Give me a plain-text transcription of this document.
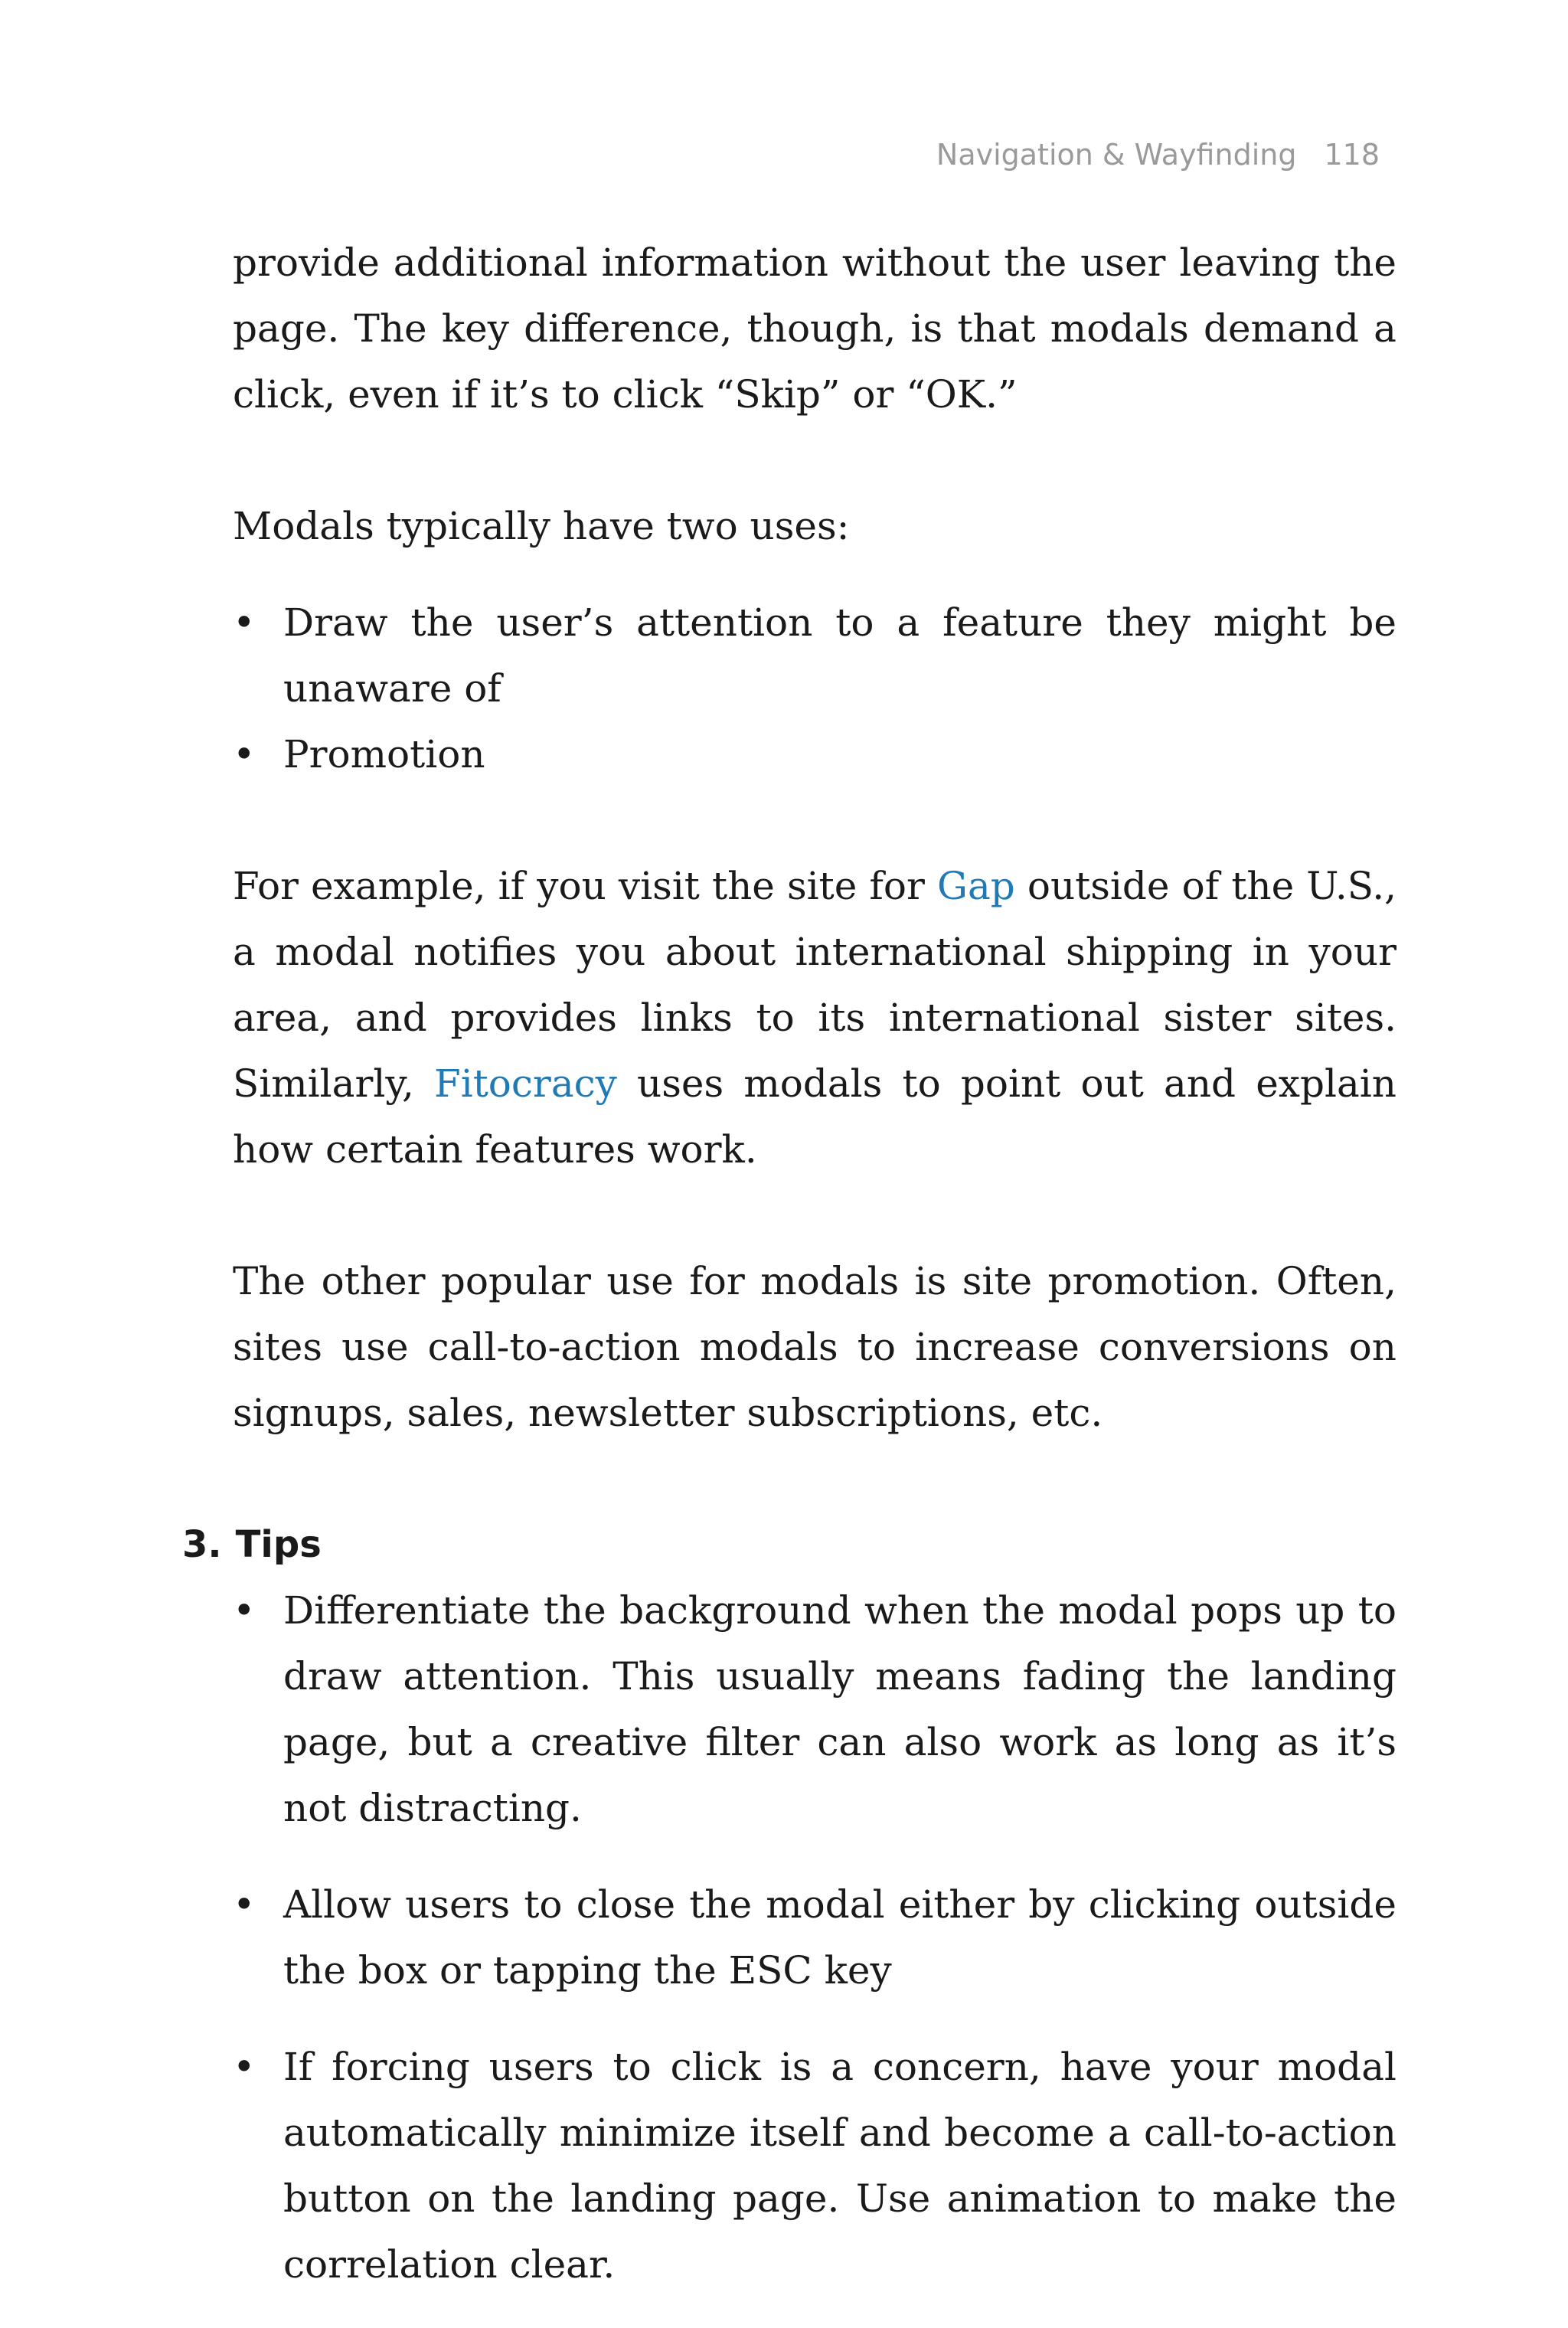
Navigation & Wayfinding 118

provide additional information without the user leaving the page. The key difference, though, is that modals demand a click, even if it’s to click “Skip” or “OK.”

Modals typically have two uses:

• Draw the user’s attention to a feature they might be unaware of
• Promotion

For example, if you visit the site for Gap outside of the U.S., a modal notifies you about international shipping in your area, and provides links to its international sister sites. Similarly, Fitocracy uses modals to point out and explain how certain features work.

The other popular use for modals is site promotion. Often, sites use call-to-action modals to increase conversions on signups, sales, newsletter subscriptions, etc.

3. Tips
• Differentiate the background when the modal pops up to draw attention. This usually means fading the landing page, but a creative filter can also work as long as it’s not distracting.
• Allow users to close the modal either by clicking outside the box or tapping the ESC key
• If forcing users to click is a concern, have your modal automatically minimize itself and become a call-to-action button on the landing page. Use animation to make the correlation clear.
